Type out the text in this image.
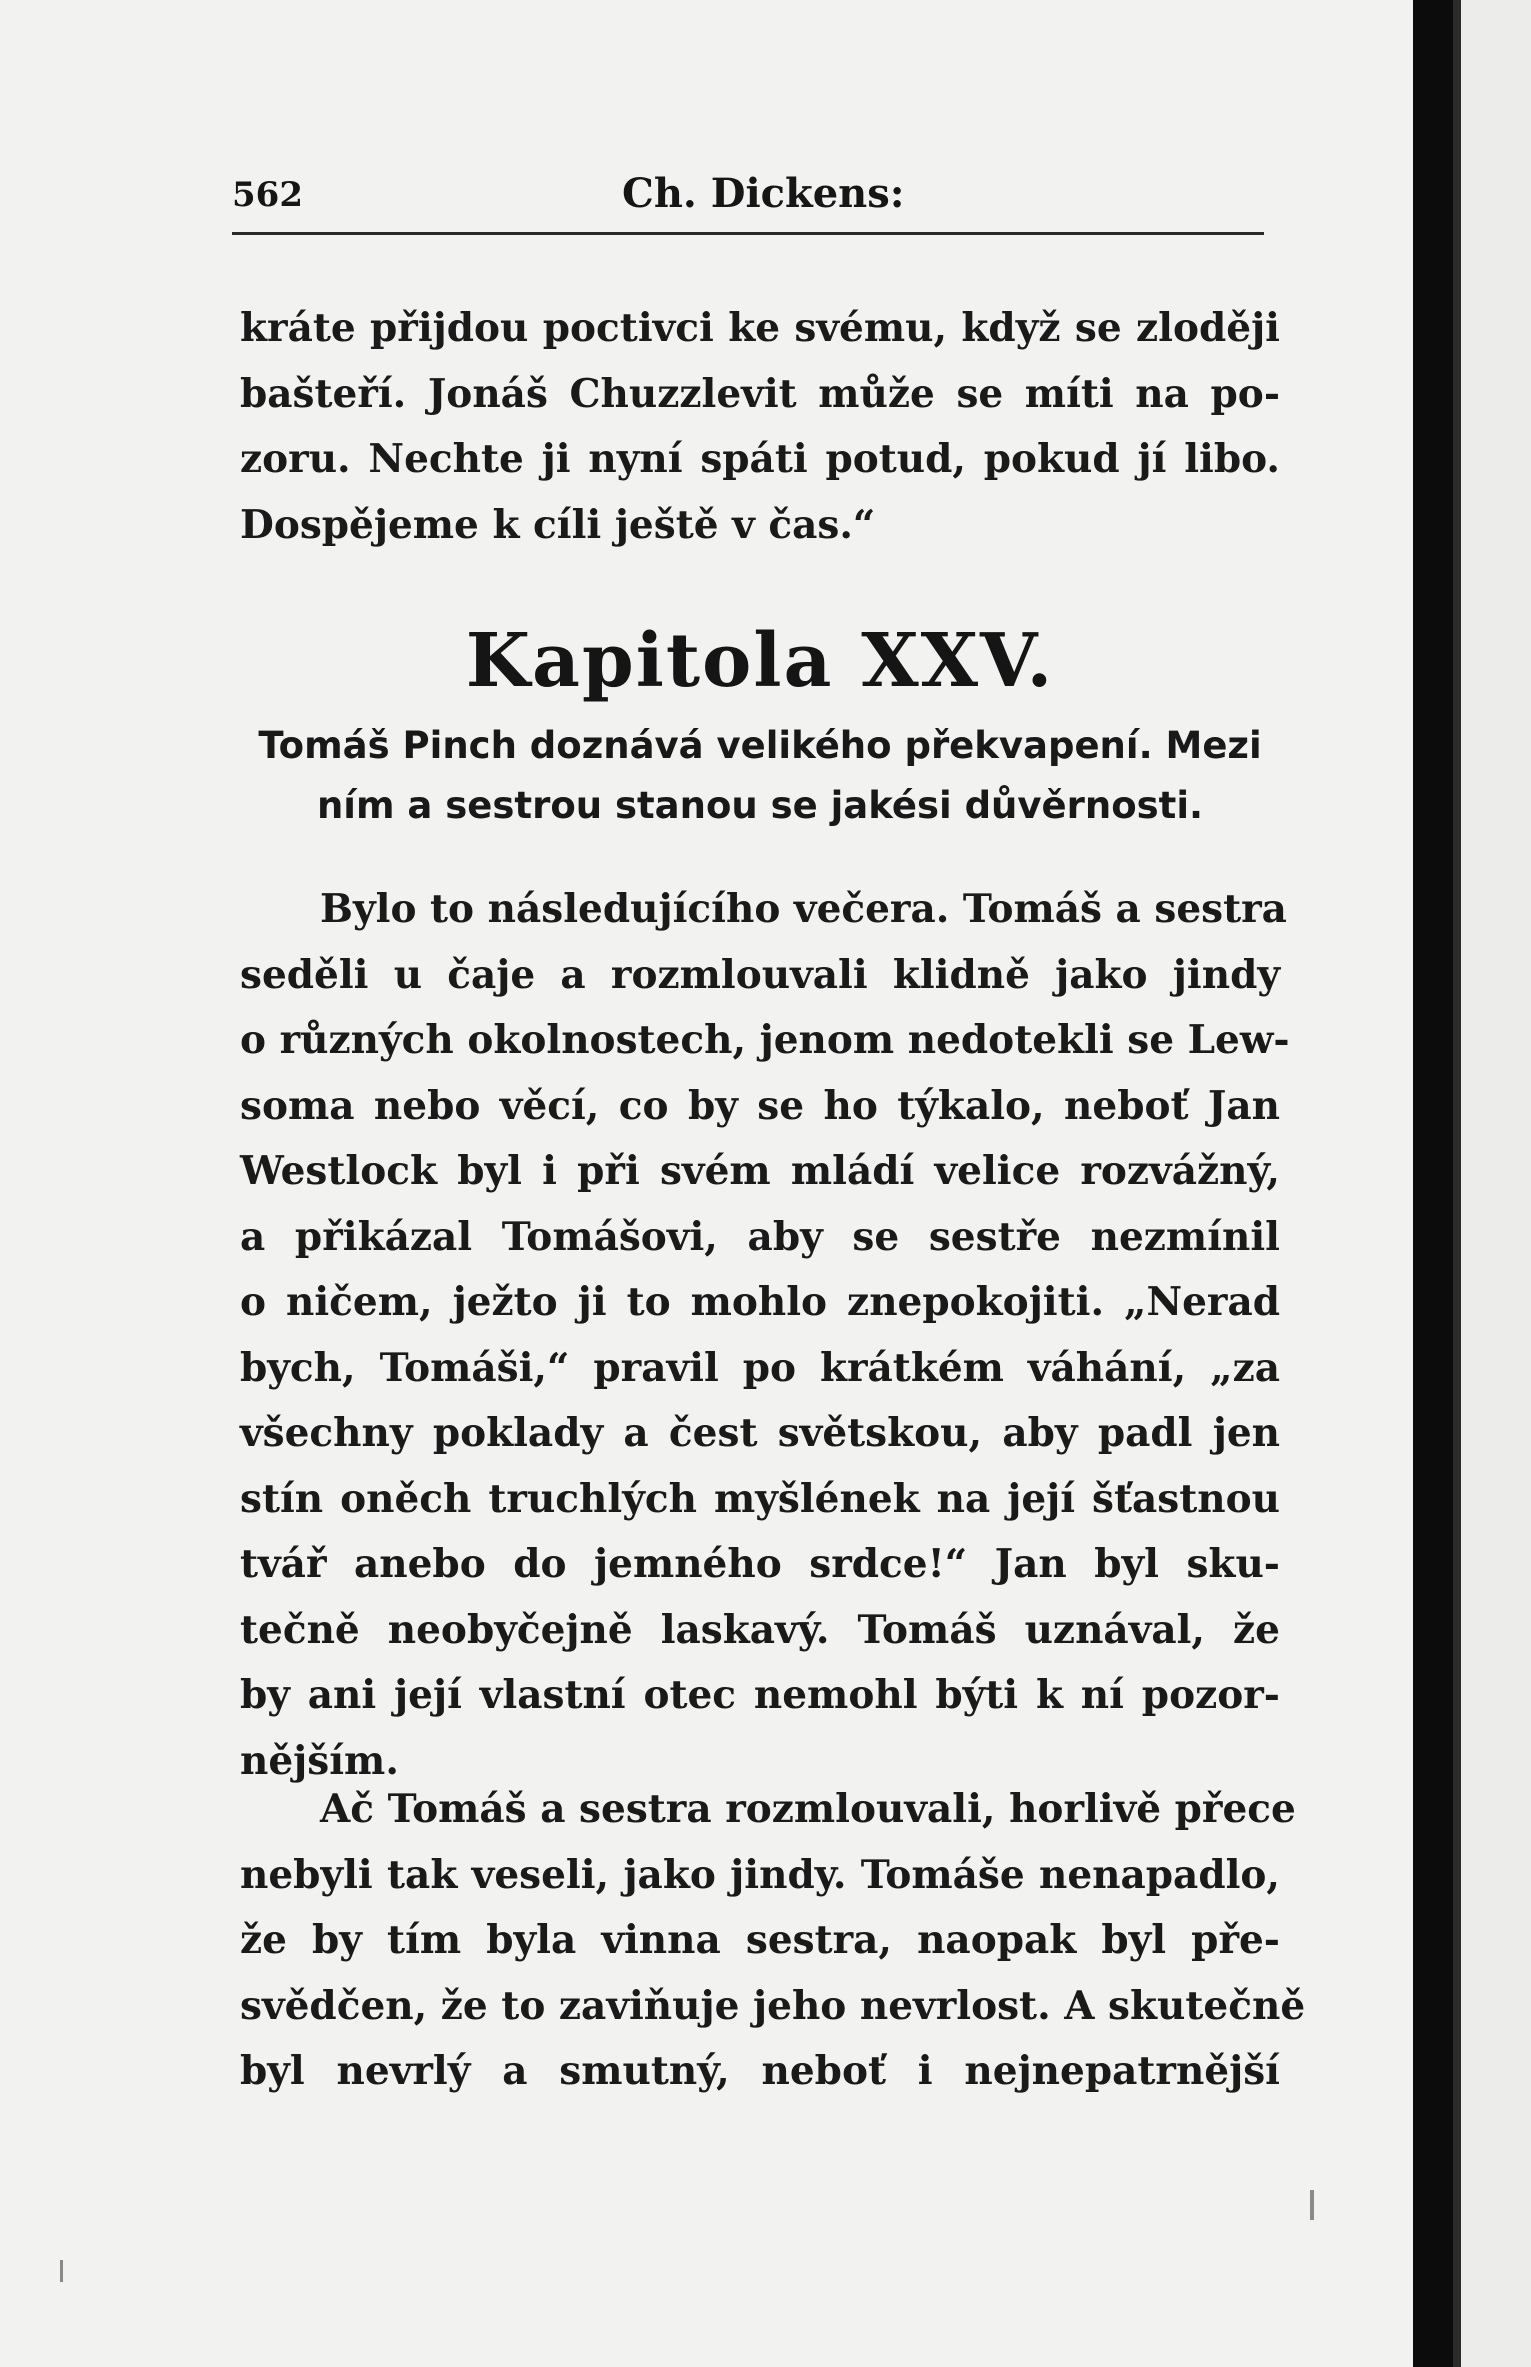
562	Ch. Dickens:

kráte přijdou poctivci ke svému, když se zloději
bašteří. Jonáš Chuzzlevit může se míti na po-
zoru. Nechte ji nyní spáti potud, pokud jí libo.
Dospějeme k cíli ještě v čas.“

Kapitola XXV.

Tomáš Pinch doznává velikého překvapení. Mezi
ním a sestrou stanou se jakési důvěrnosti.

Bylo to následujícího večera. Tomáš a sestra
seděli u čaje a rozmlouvali klidně jako jindy
o různých okolnostech, jenom nedotekli se Lew-
soma nebo věcí, co by se ho týkalo, neboť Jan
Westlock byl i při svém mládí velice rozvážný,
a přikázal Tomášovi, aby se sestře nezmínil
o ničem, ježto ji to mohlo znepokojiti. „Nerad
bych, Tomáši,“ pravil po krátkém váhání, „za
všechny poklady a čest světskou, aby padl jen
stín oněch truchlých myšlének na její šťastnou
tvář anebo do jemného srdce!“ Jan byl sku-
tečně neobyčejně laskavý. Tomáš uznával, že
by ani její vlastní otec nemohl býti k ní pozor-
nějším.

Ač Tomáš a sestra rozmlouvali, horlivě přece
nebyli tak veseli, jako jindy. Tomáše nenapadlo,
že by tím byla vinna sestra, naopak byl pře-
svědčen, že to zaviňuje jeho nevrlost. A skutečně
byl nevrlý a smutný, neboť i nejnepatrnější
